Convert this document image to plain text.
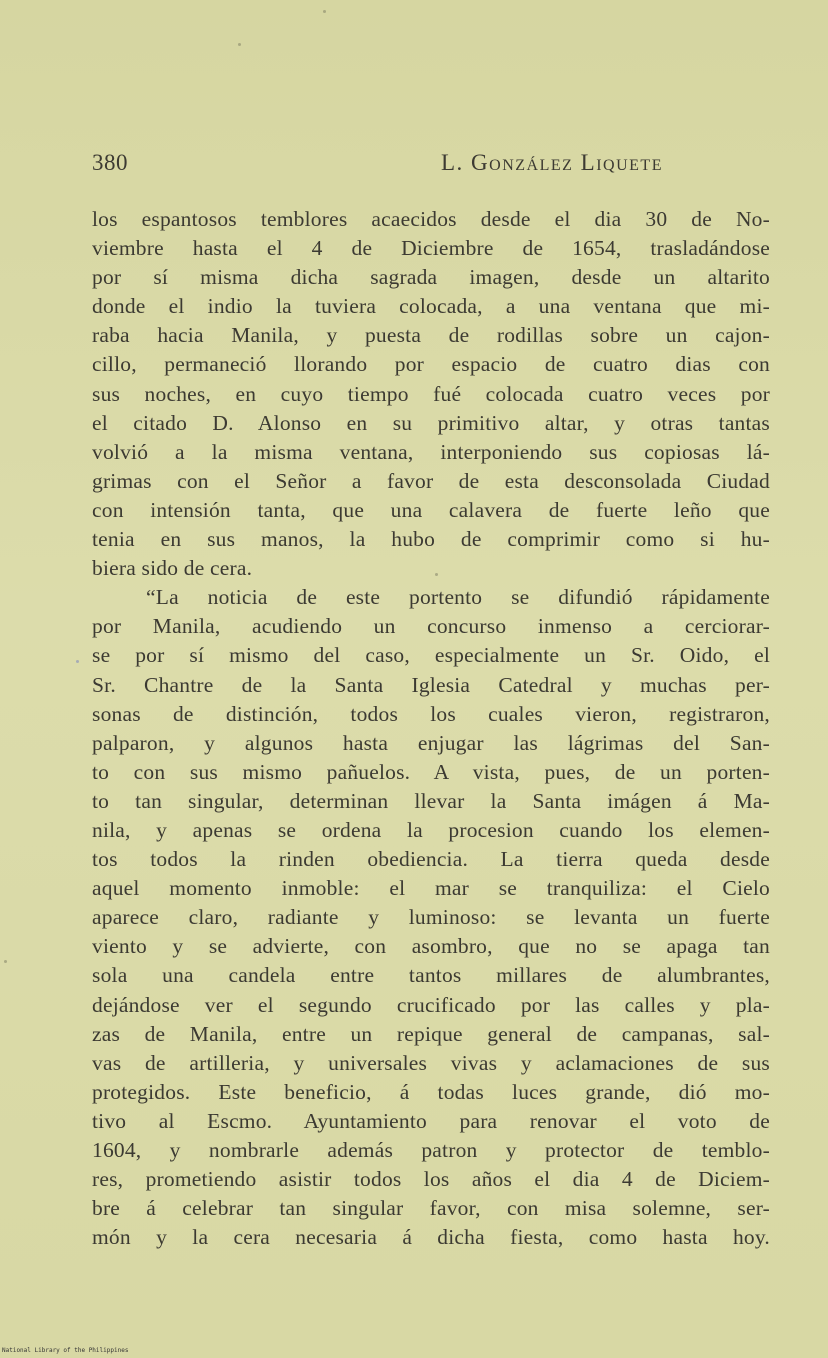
380	L. González Liquete
los espantosos temblores acaecidos desde el dia 30 de No-
viembre hasta el 4 de Diciembre de 1654, trasladándose
por sí misma dicha sagrada imagen, desde un altarito
donde el indio la tuviera colocada, a una ventana que mi-
raba hacia Manila, y puesta de rodillas sobre un cajon-
cillo, permaneció llorando por espacio de cuatro dias con
sus noches, en cuyo tiempo fué colocada cuatro veces por
el citado D. Alonso en su primitivo altar, y otras tantas
volvió a la misma ventana, interponiendo sus copiosas lá-
grimas con el Señor a favor de esta desconsolada Ciudad
con intensión tanta, que una calavera de fuerte leño que
tenia en sus manos, la hubo de comprimir como si hu-
biera sido de cera.
“La noticia de este portento se difundió rápidamente
por Manila, acudiendo un concurso inmenso a cerciorar-
se por sí mismo del caso, especialmente un Sr. Oido, el
Sr. Chantre de la Santa Iglesia Catedral y muchas per-
sonas de distinción, todos los cuales vieron, registraron,
palparon, y algunos hasta enjugar las lágrimas del San-
to con sus mismo pañuelos. A vista, pues, de un porten-
to tan singular, determinan llevar la Santa imágen á Ma-
nila, y apenas se ordena la procesion cuando los elemen-
tos todos la rinden obediencia. La tierra queda desde
aquel momento inmoble: el mar se tranquiliza: el Cielo
aparece claro, radiante y luminoso: se levanta un fuerte
viento y se advierte, con asombro, que no se apaga tan
sola una candela entre tantos millares de alumbrantes,
dejándose ver el segundo crucificado por las calles y pla-
zas de Manila, entre un repique general de campanas, sal-
vas de artilleria, y universales vivas y aclamaciones de sus
protegidos. Este beneficio, á todas luces grande, dió mo-
tivo al Escmo. Ayuntamiento para renovar el voto de
1604, y nombrarle además patron y protector de temblo-
res, prometiendo asistir todos los años el dia 4 de Diciem-
bre á celebrar tan singular favor, con misa solemne, ser-
món y la cera necesaria á dicha fiesta, como hasta hoy.
National Library of the Philippines
